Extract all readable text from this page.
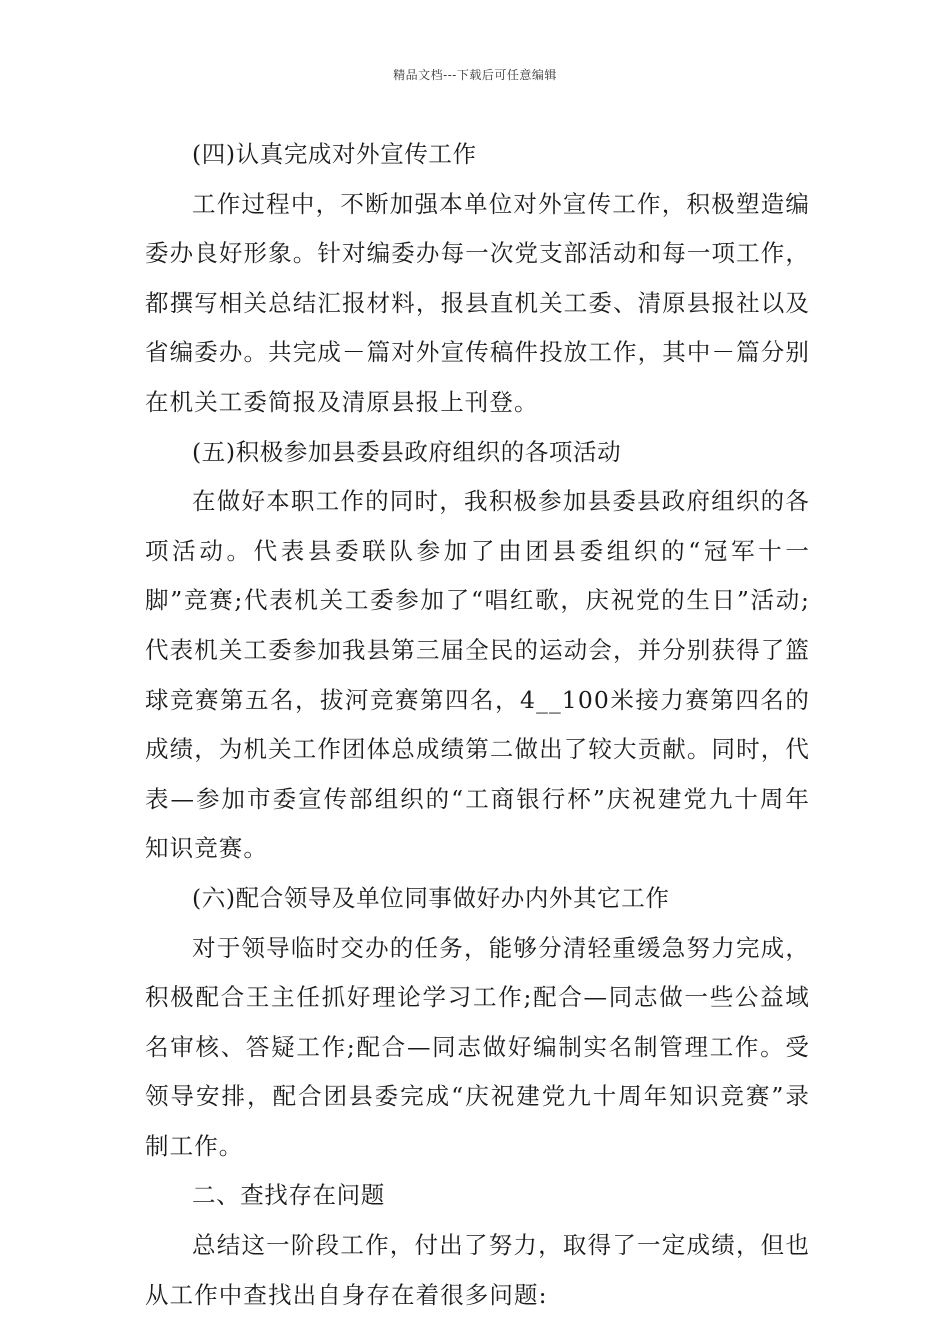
精品文档---下载后可任意编辑

(四)认真完成对外宣传工作

工作过程中，不断加强本单位对外宣传工作，积极塑造编委办良好形象。针对编委办每一次党支部活动和每一项工作，都撰写相关总结汇报材料，报县直机关工委、清原县报社以及省编委办。共完成－篇对外宣传稿件投放工作，其中－篇分别在机关工委简报及清原县报上刊登。

(五)积极参加县委县政府组织的各项活动

在做好本职工作的同时，我积极参加县委县政府组织的各项活动。代表县委联队参加了由团县委组织的“冠军十一脚”竞赛;代表机关工委参加了“唱红歌，庆祝党的生日”活动;代表机关工委参加我县第三届全民的运动会，并分别获得了篮球竞赛第五名，拔河竞赛第四名，4__100米接力赛第四名的成绩，为机关工作团体总成绩第二做出了较大贡献。同时，代表—参加市委宣传部组织的“工商银行杯”庆祝建党九十周年知识竞赛。

(六)配合领导及单位同事做好办内外其它工作

对于领导临时交办的任务，能够分清轻重缓急努力完成，积极配合王主任抓好理论学习工作;配合—同志做一些公益域名审核、答疑工作;配合—同志做好编制实名制管理工作。受领导安排，配合团县委完成“庆祝建党九十周年知识竞赛”录制工作。

二、查找存在问题

总结这一阶段工作，付出了努力，取得了一定成绩，但也从工作中查找出自身存在着很多问题:
